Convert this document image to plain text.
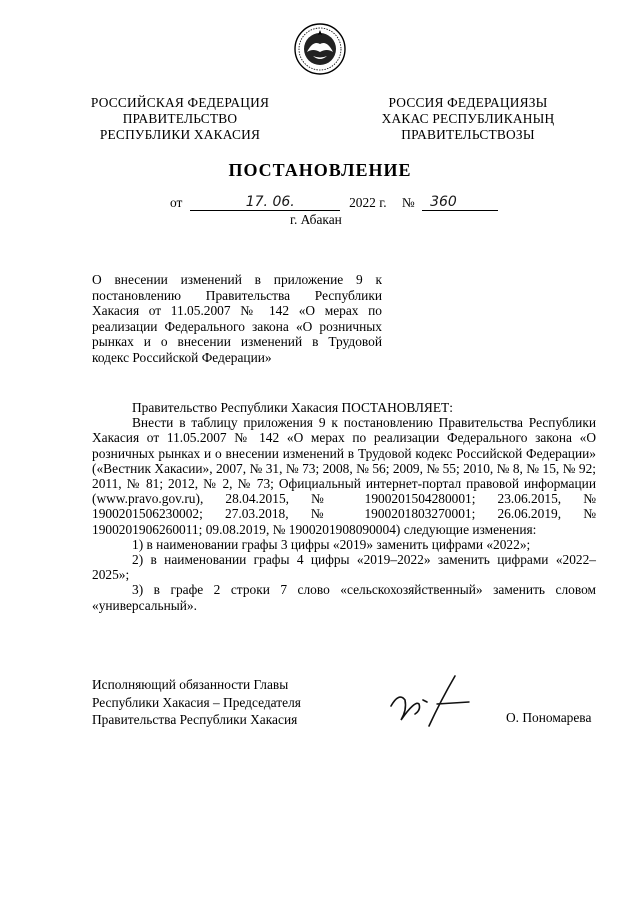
РОССИЙСКАЯ ФЕДЕРАЦИЯ
ПРАВИТЕЛЬСТВО
РЕСПУБЛИКИ ХАКАСИЯ
РОССИЯ ФЕДЕРАЦИЯЗЫ
ХАКАС РЕСПУБЛИКАНЫҢ
ПРАВИТЕЛЬСТВОЗЫ
ПОСТАНОВЛЕНИЕ
от	17. 06.	2022 г. № 360
г. Абакан

О внесении изменений в приложение 9 к постановлению Правительства Республики Хакасия от 11.05.2007 № 142 «О мерах по реализации Федерального закона «О розничных рынках и о внесении изменений в Трудовой кодекс Российской Федерации»

Правительство Республики Хакасия ПОСТАНОВЛЯЕТ:

Внести в таблицу приложения 9 к постановлению Правительства Республики Хакасия от 11.05.2007 № 142 «О мерах по реализации Федерального закона «О розничных рынках и о внесении изменений в Трудовой кодекс Российской Федерации» («Вестник Хакасии», 2007, № 31, № 73; 2008, № 56; 2009, № 55; 2010, № 8, № 15, № 92; 2011, № 81; 2012, № 2, № 73; Официальный интернет-портал правовой информации (www.pravo.gov.ru), 28.04.2015, № 1900201504280001; 23.06.2015, № 1900201506230002; 27.03.2018, № 1900201803270001; 26.06.2019, № 1900201906260011; 09.08.2019, № 1900201908090004) следующие изменения:

1) в наименовании графы 3 цифры «2019» заменить цифрами «2022»;

2) в наименовании графы 4 цифры «2019–2022» заменить цифрами «2022–2025»;

3) в графе 2 строки 7 слово «сельскохозяйственный» заменить словом «универсальный».

Исполняющий обязанности Главы
Республики Хакасия – Председателя
Правительства Республики Хакасия	О. Пономарева
